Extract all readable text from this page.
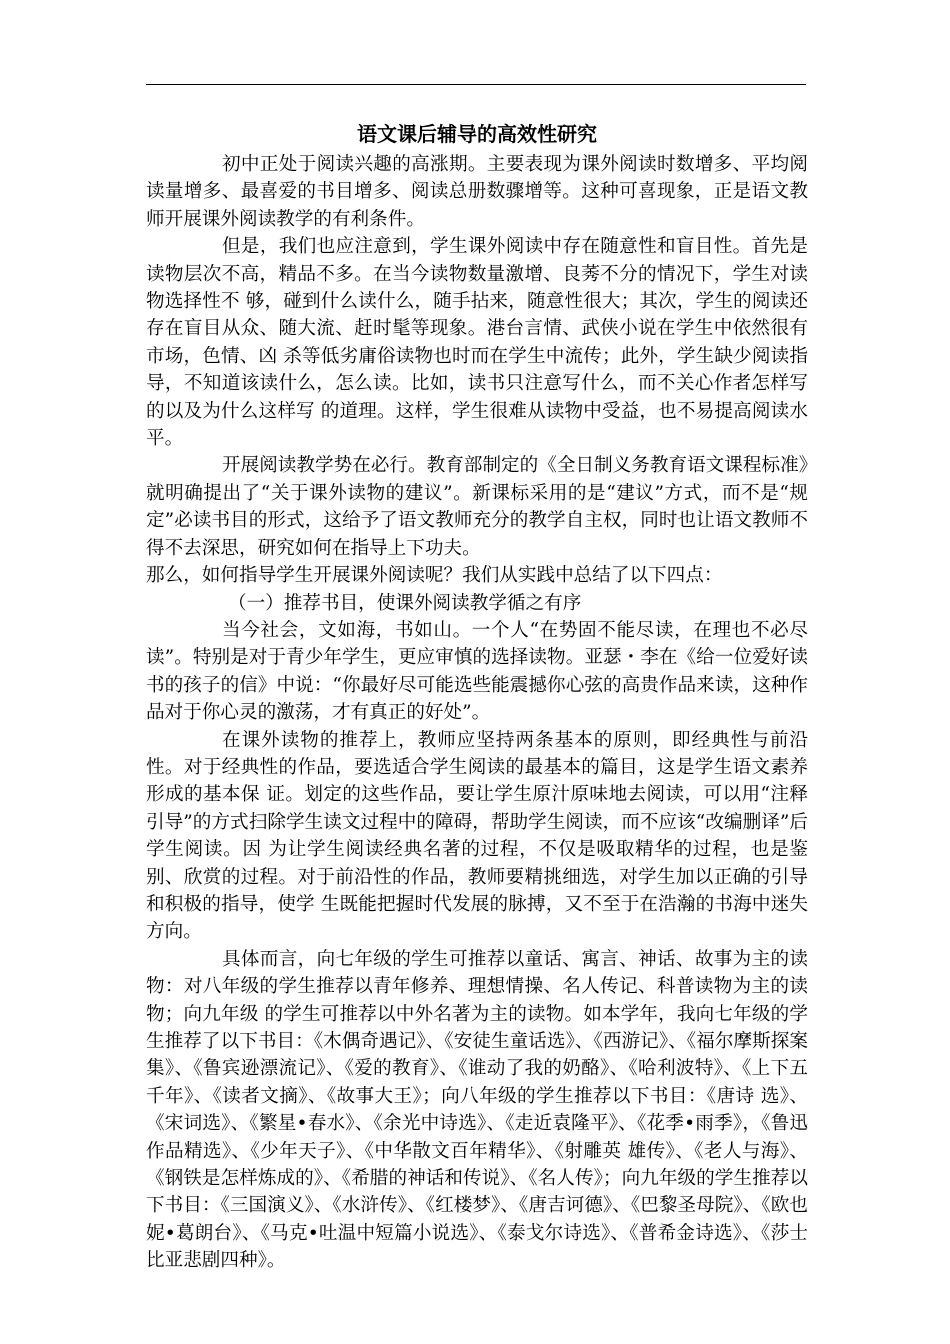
语文课后辅导的高效性研究

初中正处于阅读兴趣的高涨期。主要表现为课外阅读时数增多、平均阅读量增多、最喜爱的书目增多、阅读总册数骤增等。这种可喜现象，正是语文教师开展课外阅读教学的有利条件。

但是，我们也应注意到，学生课外阅读中存在随意性和盲目性。首先是读物层次不高，精品不多。在当今读物数量激增、良莠不分的情况下，学生对读物选择性不 够，碰到什么读什么，随手拈来，随意性很大；其次，学生的阅读还存在盲目从众、随大流、赶时髦等现象。港台言情、武侠小说在学生中依然很有市场，色情、凶 杀等低劣庸俗读物也时而在学生中流传；此外，学生缺少阅读指导，不知道该读什么，怎么读。比如，读书只注意写什么，而不关心作者怎样写的以及为什么这样写 的道理。这样，学生很难从读物中受益，也不易提高阅读水平。

开展阅读教学势在必行。教育部制定的《全日制义务教育语文课程标准》就明确提出了“关于课外读物的建议”。新课标采用的是“建议”方式，而不是“规定”必读书目的形式，这给予了语文教师充分的教学自主权，同时也让语文教师不得不去深思，研究如何在指导上下功夫。

那么，如何指导学生开展课外阅读呢？我们从实践中总结了以下四点：

（一）推荐书目，使课外阅读教学循之有序

当今社会，文如海，书如山。一个人“在势固不能尽读，在理也不必尽读”。特别是对于青少年学生，更应审慎的选择读物。亚瑟・李在《给一位爱好读书的孩子的信》中说：“你最好尽可能选些能震撼你心弦的高贵作品来读，这种作品对于你心灵的激荡，才有真正的好处”。

在课外读物的推荐上，教师应坚持两条基本的原则，即经典性与前沿性。对于经典性的作品，要选适合学生阅读的最基本的篇目，这是学生语文素养形成的基本保 证。划定的这些作品，要让学生原汁原味地去阅读，可以用“注释引导”的方式扫除学生读文过程中的障碍，帮助学生阅读，而不应该“改编删译”后学生阅读。因 为让学生阅读经典名著的过程，不仅是吸取精华的过程，也是鉴别、欣赏的过程。对于前沿性的作品，教师要精挑细选，对学生加以正确的引导和积极的指导，使学 生既能把握时代发展的脉搏，又不至于在浩瀚的书海中迷失方向。

具体而言，向七年级的学生可推荐以童话、寓言、神话、故事为主的读物：对八年级的学生推荐以青年修养、理想情操、名人传记、科普读物为主的读物；向九年级 的学生可推荐以中外名著为主的读物。如本学年，我向七年级的学生推荐了以下书目：《木偶奇遇记》、《安徒生童话选》、《西游记》、《福尔摩斯探案集》、《鲁宾逊漂流记》、《爱的教育》、《谁动了我的奶酪》、《哈利波特》、《上下五千年》、《读者文摘》、《故事大王》；向八年级的学生推荐以下书目：《唐诗 选》、《宋词选》、《繁星•春水》、《余光中诗选》、《走近袁隆平》、《花季•雨季》，《鲁迅作品精选》、《少年天子》、《中华散文百年精华》、《射雕英 雄传》、《老人与海》、《钢铁是怎样炼成的》、《希腊的神话和传说》、《名人传》；向九年级的学生推荐以下书目：《三国演义》、《水浒传》、《红楼梦》、《唐吉诃德》、《巴黎圣母院》、《欧也妮•葛朗台》、《马克•吐温中短篇小说选》、《泰戈尔诗选》、《普希金诗选》、《莎士比亚悲剧四种》。
